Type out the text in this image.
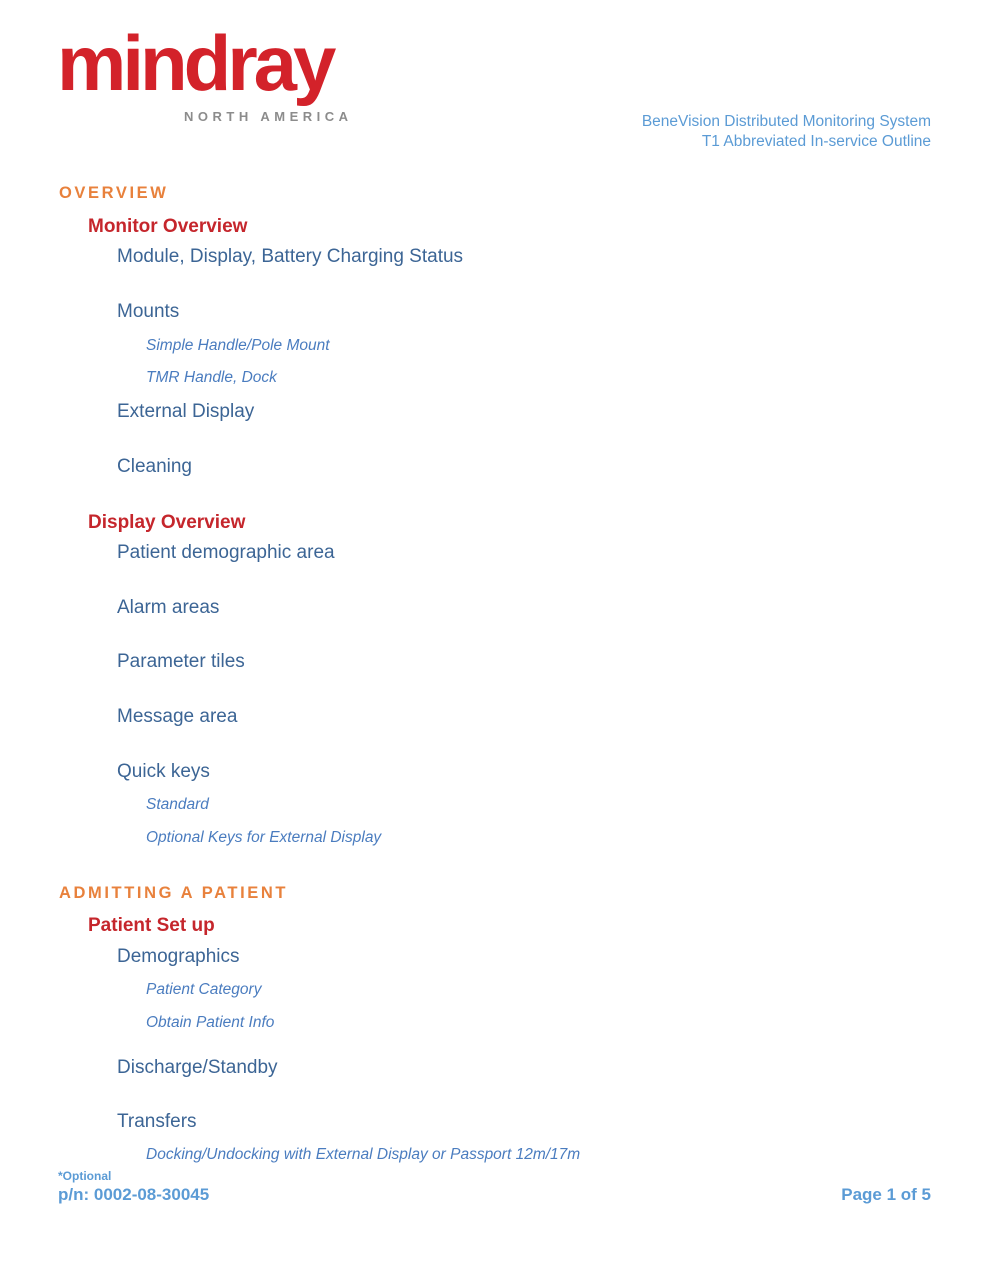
mindray
NORTH AMERICA	BeneVision Distributed Monitoring System
T1 Abbreviated In-service Outline
OVERVIEW
Monitor Overview
Module, Display, Battery Charging Status
Mounts
Simple Handle/Pole Mount
TMR Handle, Dock
External Display
Cleaning
Display Overview
Patient demographic area
Alarm areas
Parameter tiles
Message area
Quick keys
Standard
Optional Keys for External Display
ADMITTING A PATIENT
Patient Set up
Demographics
Patient Category
Obtain Patient Info
Discharge/Standby
Transfers
Docking/Undocking with External Display or Passport 12m/17m
*Optional
p/n: 0002-08-30045	Page 1 of 5
